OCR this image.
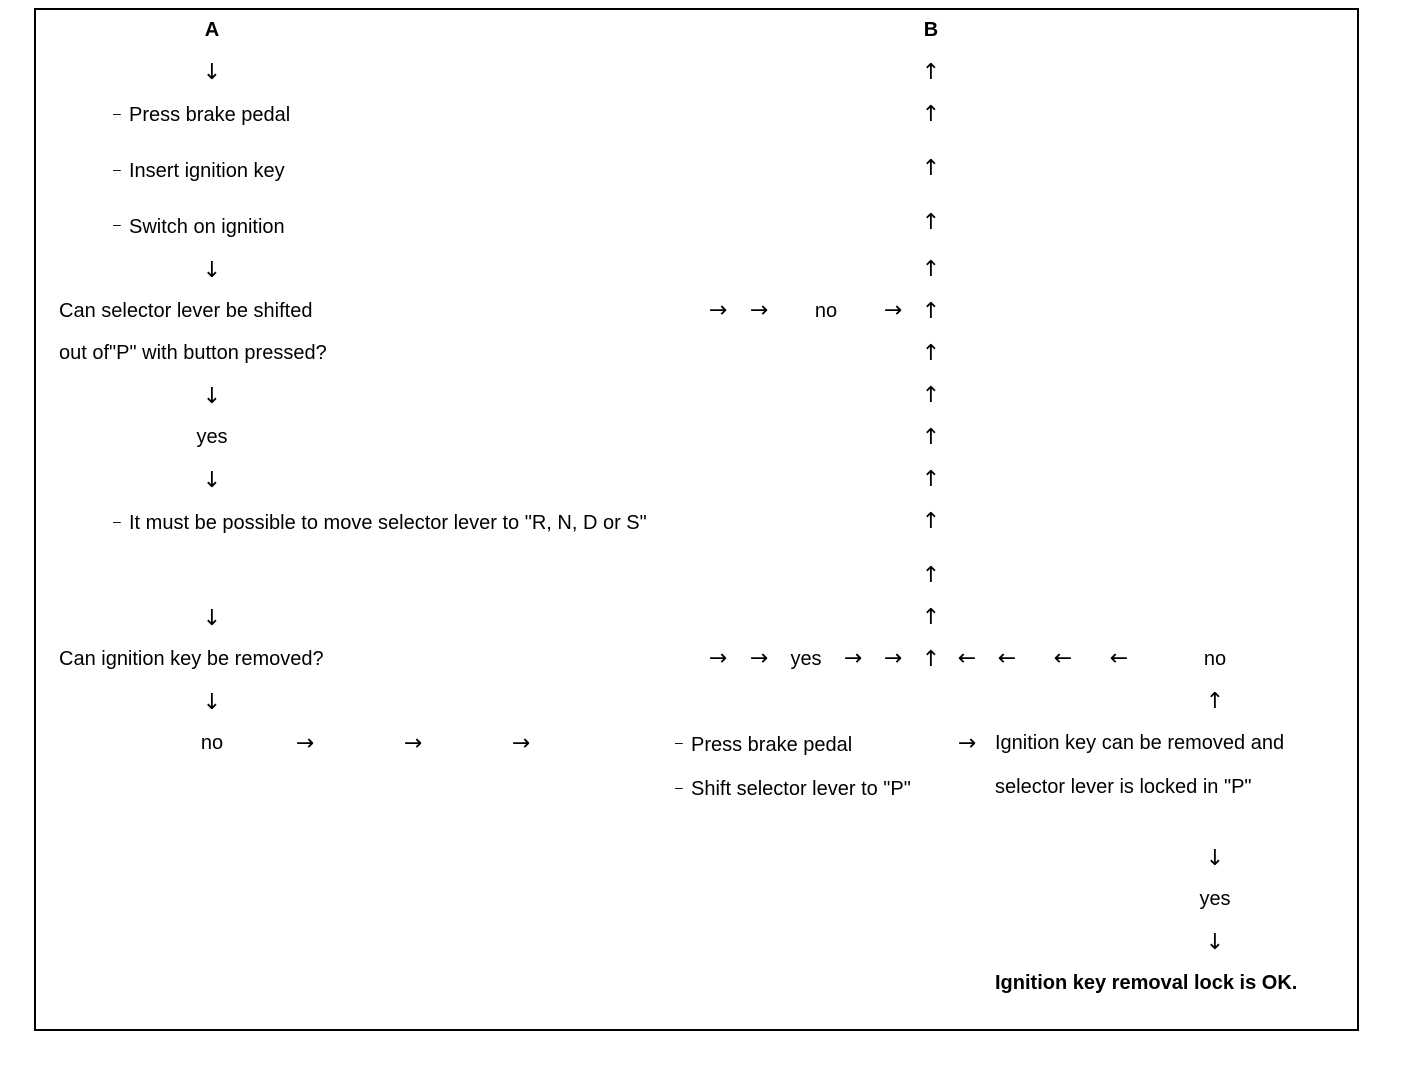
A	B
↓
– Press brake pedal
– Insert ignition key
– Switch on ignition
↓
Can selector lever be shifted
out of"P" with button pressed?
↓
yes
↓
– It must be possible to move selector lever to "R, N, D or S"
↓
Can ignition key be removed?
↓
no	→	→	→
→ → no →
→ → yes → →
↑
↑
↑
↑
↑
↑
↑
↑
↑
↑
↑
↑
↑
↑ ← ← ← ←	no
↑
– Press brake pedal
– Shift selector lever to "P"
→ Ignition key can be removed and
selector lever is locked in "P"
↓
yes
↓
Ignition key removal lock is OK.
